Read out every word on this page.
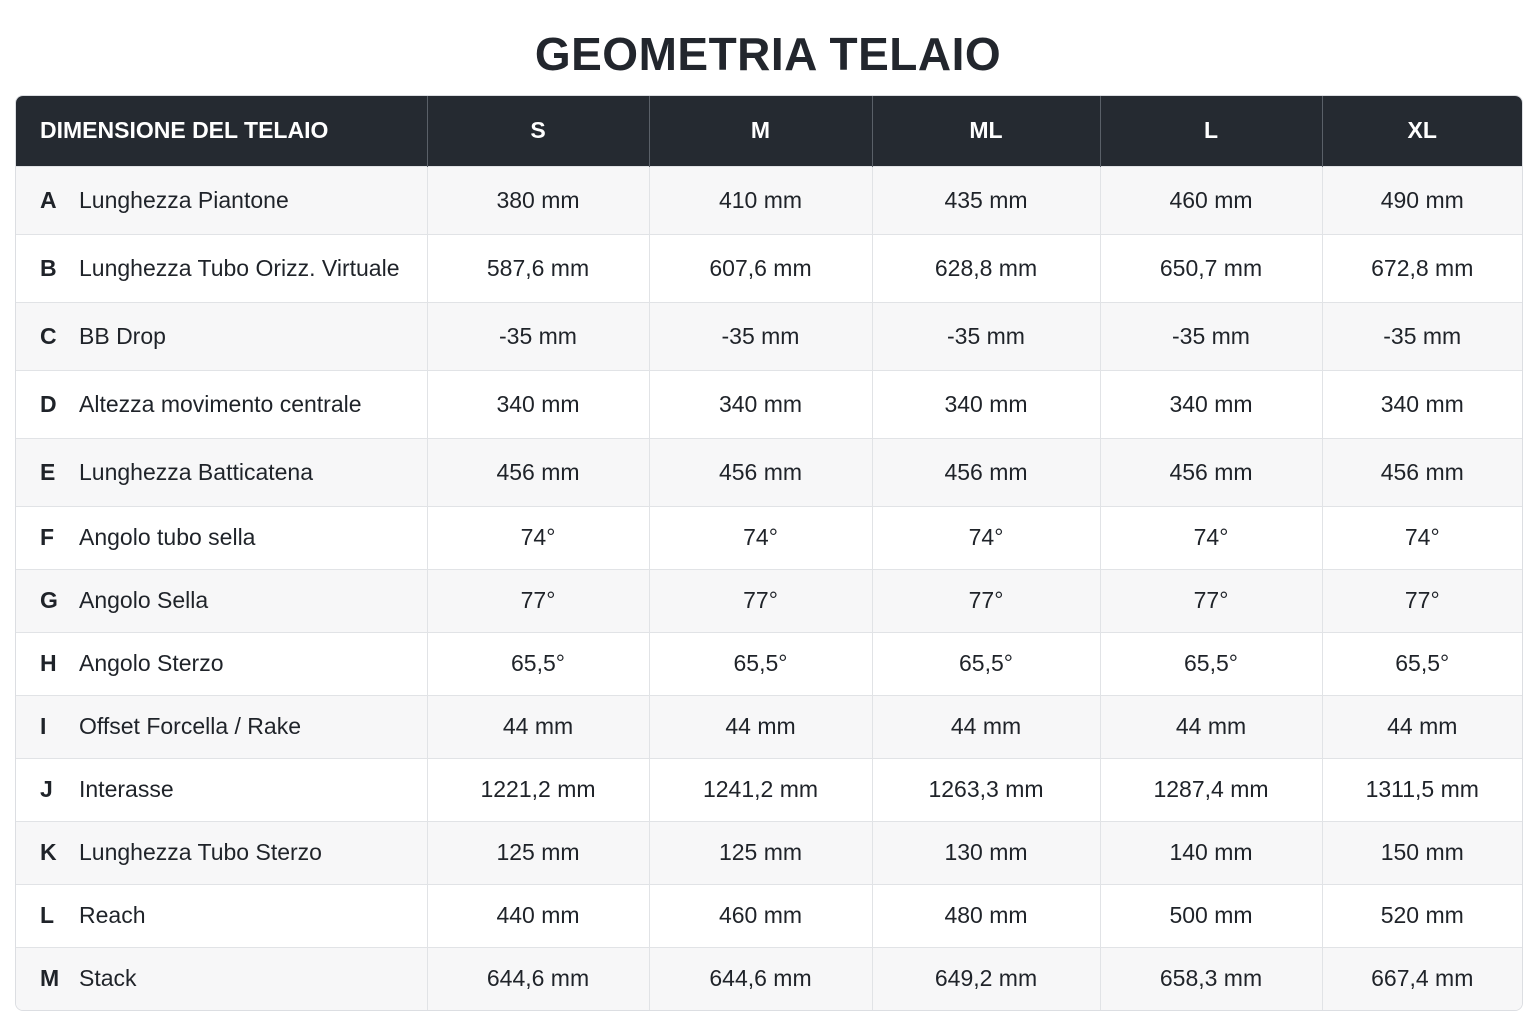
GEOMETRIA TELAIO
DIMENSIONE DEL TELAIO	S	M	ML	L	XL
A Lunghezza Piantone	380 mm	410 mm	435 mm	460 mm	490 mm
B Lunghezza Tubo Orizz. Virtuale	587,6 mm	607,6 mm	628,8 mm	650,7 mm	672,8 mm
C BB Drop	-35 mm	-35 mm	-35 mm	-35 mm	-35 mm
D Altezza movimento centrale	340 mm	340 mm	340 mm	340 mm	340 mm
E Lunghezza Batticatena	456 mm	456 mm	456 mm	456 mm	456 mm
F Angolo tubo sella	74°	74°	74°	74°	74°
G Angolo Sella	77°	77°	77°	77°	77°
H Angolo Sterzo	65,5°	65,5°	65,5°	65,5°	65,5°
I Offset Forcella / Rake	44 mm	44 mm	44 mm	44 mm	44 mm
J Interasse	1221,2 mm	1241,2 mm	1263,3 mm	1287,4 mm	1311,5 mm
K Lunghezza Tubo Sterzo	125 mm	125 mm	130 mm	140 mm	150 mm
L Reach	440 mm	460 mm	480 mm	500 mm	520 mm
M Stack	644,6 mm	644,6 mm	649,2 mm	658,3 mm	667,4 mm
